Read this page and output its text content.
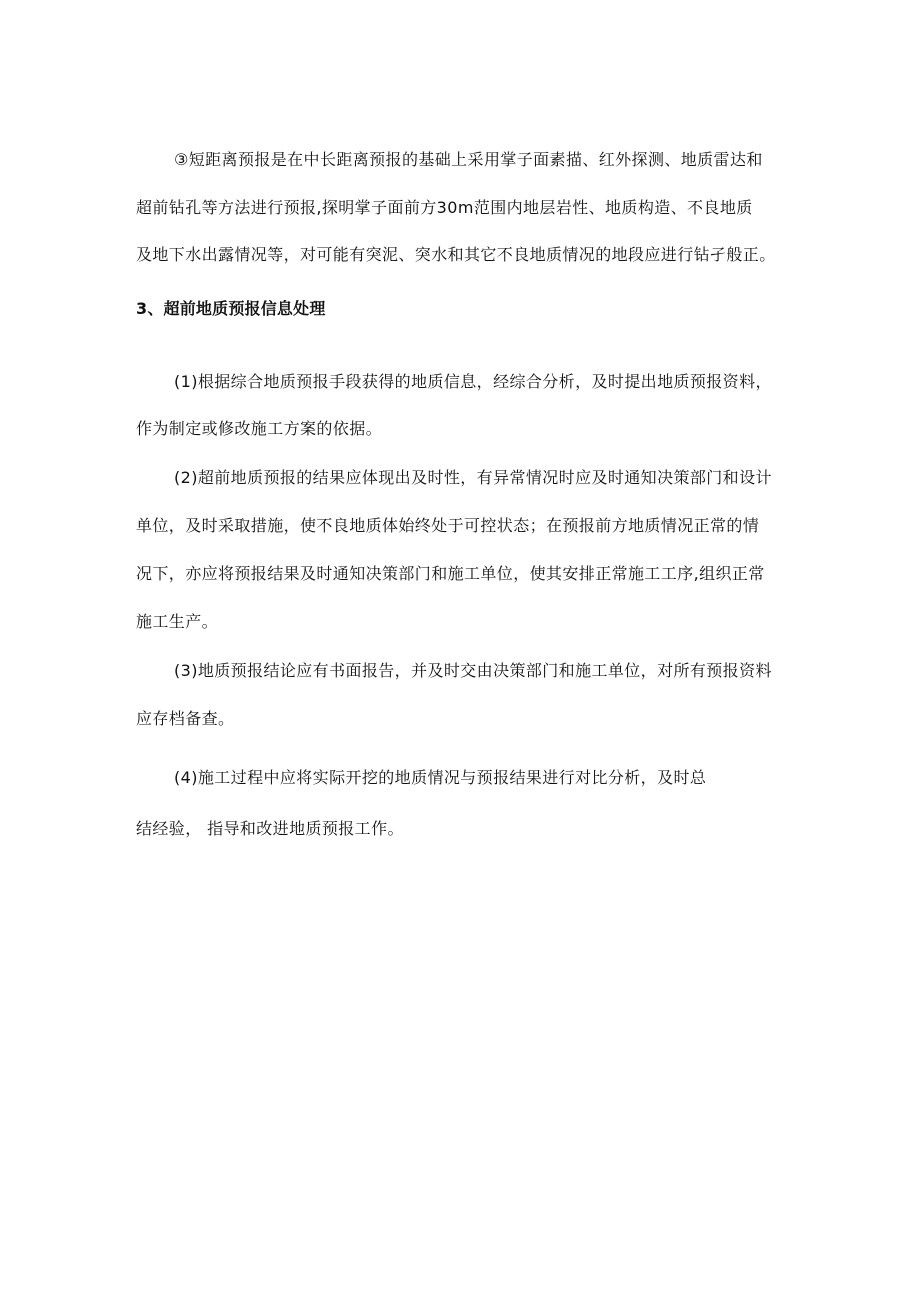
③短距离预报是在中长距离预报的基础上采用掌子面素描、红外探测、地质雷达和
超前钻孔等方法进行预报,探明掌子面前方30m范围内地层岩性、地质构造、不良地质
及地下水出露情况等，对可能有突泥、突水和其它不良地质情况的地段应进行钻孑般正。
3、超前地质预报信息处理
(1)根据综合地质预报手段获得的地质信息，经综合分析，及时提出地质预报资料，
作为制定或修改施工方案的依据。
(2)超前地质预报的结果应体现出及时性，有异常情况时应及时通知决策部门和设计
单位，及时采取措施，使不良地质体始终处于可控状态；在预报前方地质情况正常的情
况下，亦应将预报结果及时通知决策部门和施工单位，使其安排正常施工工序,组织正常
施工生产。
(3)地质预报结论应有书面报告，并及时交由决策部门和施工单位，对所有预报资料
应存档备查。
(4)施工过程中应将实际开挖的地质情况与预报结果进行对比分析，及时总
结经验， 指导和改进地质预报工作。
